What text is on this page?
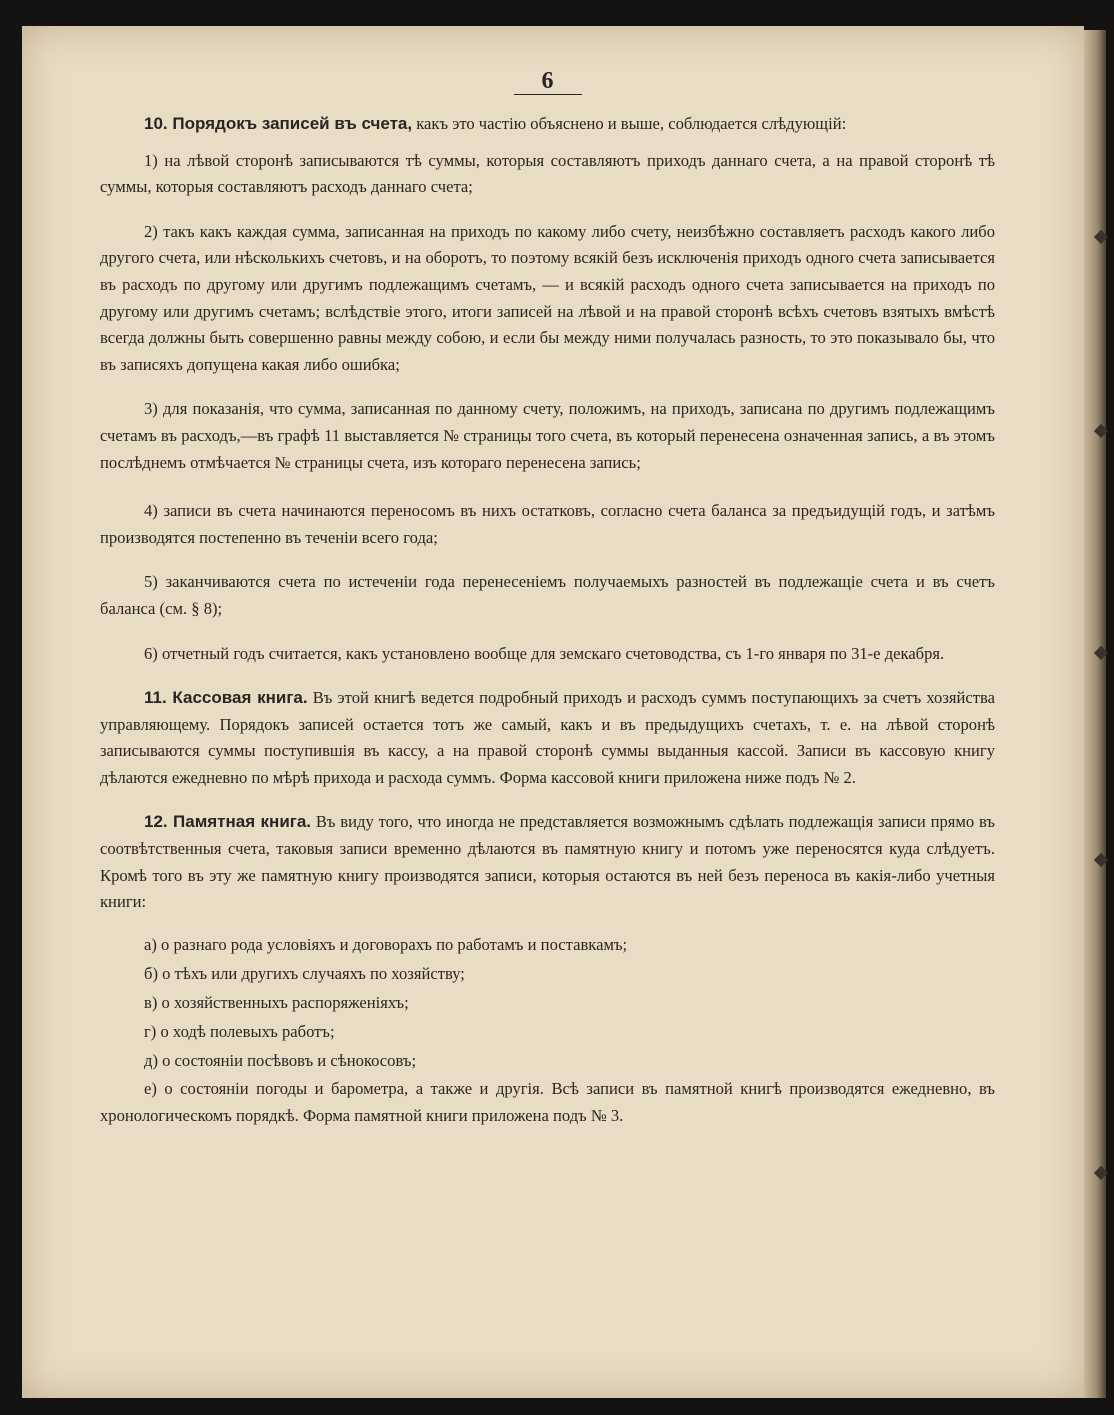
6

10. Порядокъ записей въ счета, какъ это частію объяснено и выше, соблюдается слѣдующій:

1) на лѣвой сторонѣ записываются тѣ суммы, которыя составляютъ приходъ даннаго счета, а на правой сторонѣ тѣ суммы, которыя составляютъ расходъ даннаго счета;

2) такъ какъ каждая сумма, записанная на приходъ по какому либо счету, неизбѣжно составляетъ расходъ какого либо другого счета, или нѣсколькихъ счетовъ, и на оборотъ, то поэтому всякій безъ исключенія приходъ одного счета записывается въ расходъ по другому или другимъ подлежащимъ счетамъ, — и всякій расходъ одного счета записывается на приходъ по другому или другимъ счетамъ; вслѣдствіе этого, итоги записей на лѣвой и на правой сторонѣ всѣхъ счетовъ взятыхъ вмѣстѣ всегда должны быть совершенно равны между собою, и если бы между ними получалась разность, то это показывало бы, что въ записяхъ допущена какая либо ошибка;

3) для показанія, что сумма, записанная по данному счету, положимъ, на приходъ, записана по другимъ подлежащимъ счетамъ въ расходъ,—въ графѣ 11 выставляется № страницы того счета, въ который перенесена означенная запись, а въ этомъ послѣднемъ отмѣчается № страницы счета, изъ котораго перенесена запись;

4) записи въ счета начинаются переносомъ въ нихъ остатковъ, согласно счета баланса за предъидущій годъ, и затѣмъ производятся постепенно въ теченіи всего года;

5) заканчиваются счета по истеченіи года перенесеніемъ получаемыхъ разностей въ подлежащіе счета и въ счетъ баланса (см. § 8);

6) отчетный годъ считается, какъ установлено вообще для земскаго счетоводства, съ 1-го января по 31-е декабря.

11. Кассовая книга. Въ этой книгѣ ведется подробный приходъ и расходъ суммъ поступающихъ за счетъ хозяйства управляющему. Порядокъ записей остается тотъ же самый, какъ и въ предыдущихъ счетахъ, т. е. на лѣвой сторонѣ записываются суммы поступившія въ кассу, а на правой сторонѣ суммы выданныя кассой. Записи въ кассовую книгу дѣлаются ежедневно по мѣрѣ прихода и расхода суммъ. Форма кассовой книги приложена ниже подъ № 2.

12. Памятная книга. Въ виду того, что иногда не представляется возможнымъ сдѣлать подлежащія записи прямо въ соотвѣтственныя счета, таковыя записи временно дѣлаются въ памятную книгу и потомъ уже переносятся куда слѣдуетъ. Кромѣ того въ эту же памятную книгу производятся записи, которыя остаются въ ней безъ переноса въ какія-либо учетныя книги:

а) о разнаго рода условіяхъ и договорахъ по работамъ и поставкамъ;
б) о тѣхъ или другихъ случаяхъ по хозяйству;
в) о хозяйственныхъ распоряженіяхъ;
г) о ходѣ полевыхъ работъ;
д) о состояніи посѣвовъ и сѣнокосовъ;
е) о состояніи погоды и барометра, а также и другія. Всѣ записи въ памятной книгѣ производятся ежедневно, въ хронологическомъ порядкѣ. Форма памятной книги приложена подъ № 3.
